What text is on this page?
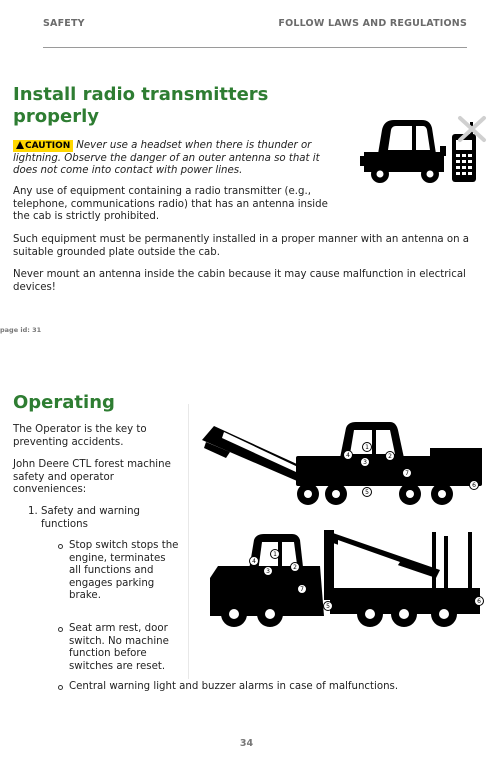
SAFETY	FOLLOW LAWS AND REGULATIONS
Install radio transmitters properly
CAUTION Never use a headset when there is thunder or lightning. Observe the danger of an outer antenna so that it does not come into contact with power lines.
Any use of equipment containing a radio transmitter (e.g., telephone, communications radio) that has an antenna inside the cab is strictly prohibited.
Such equipment must be permanently installed in a proper manner with an antenna on a suitable grounded plate outside the cab.
Never mount an antenna inside the cabin because it may cause malfunction in electrical devices!
page id: 31
Operating
The Operator is the key to preventing accidents.
John Deere CTL forest machine safety and operator conveniences:
1. Safety and warning functions
Stop switch stops the engine, terminates all functions and engages parking brake.
Seat arm rest, door switch. No machine function before switches are reset.
Central warning light and buzzer alarms in case of malfunctions.
1
2
3
4
5
6
7
1
2
3
4
5
6
7
34
